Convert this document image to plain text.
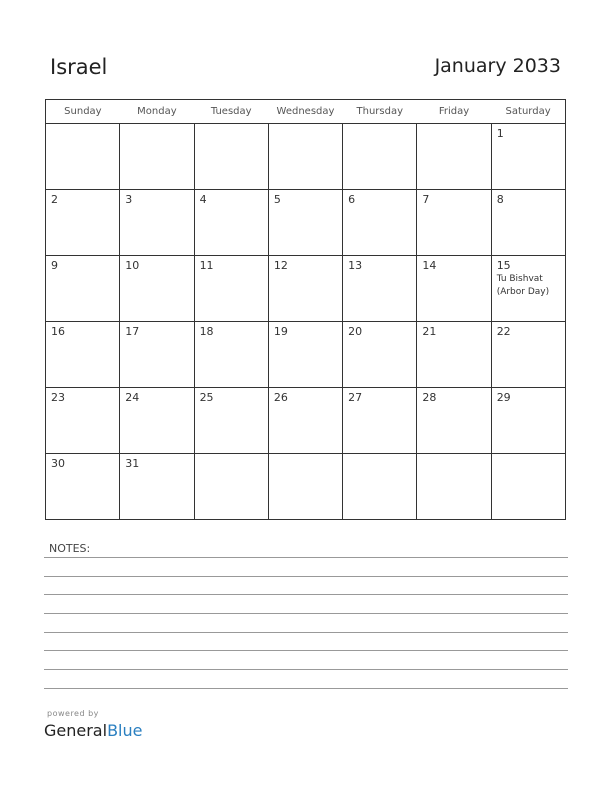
Israel	January 2033
Sunday	Monday	Tuesday	Wednesday	Thursday	Friday	Saturday

						1

2	3	4	5	6	7	8

9	10	11	12	13	14	15
Tu Bishvat (Arbor Day)

16	17	18	19	20	21	22

23	24	25	26	27	28	29

30	31					

NOTES:
powered by
GeneralBlue
